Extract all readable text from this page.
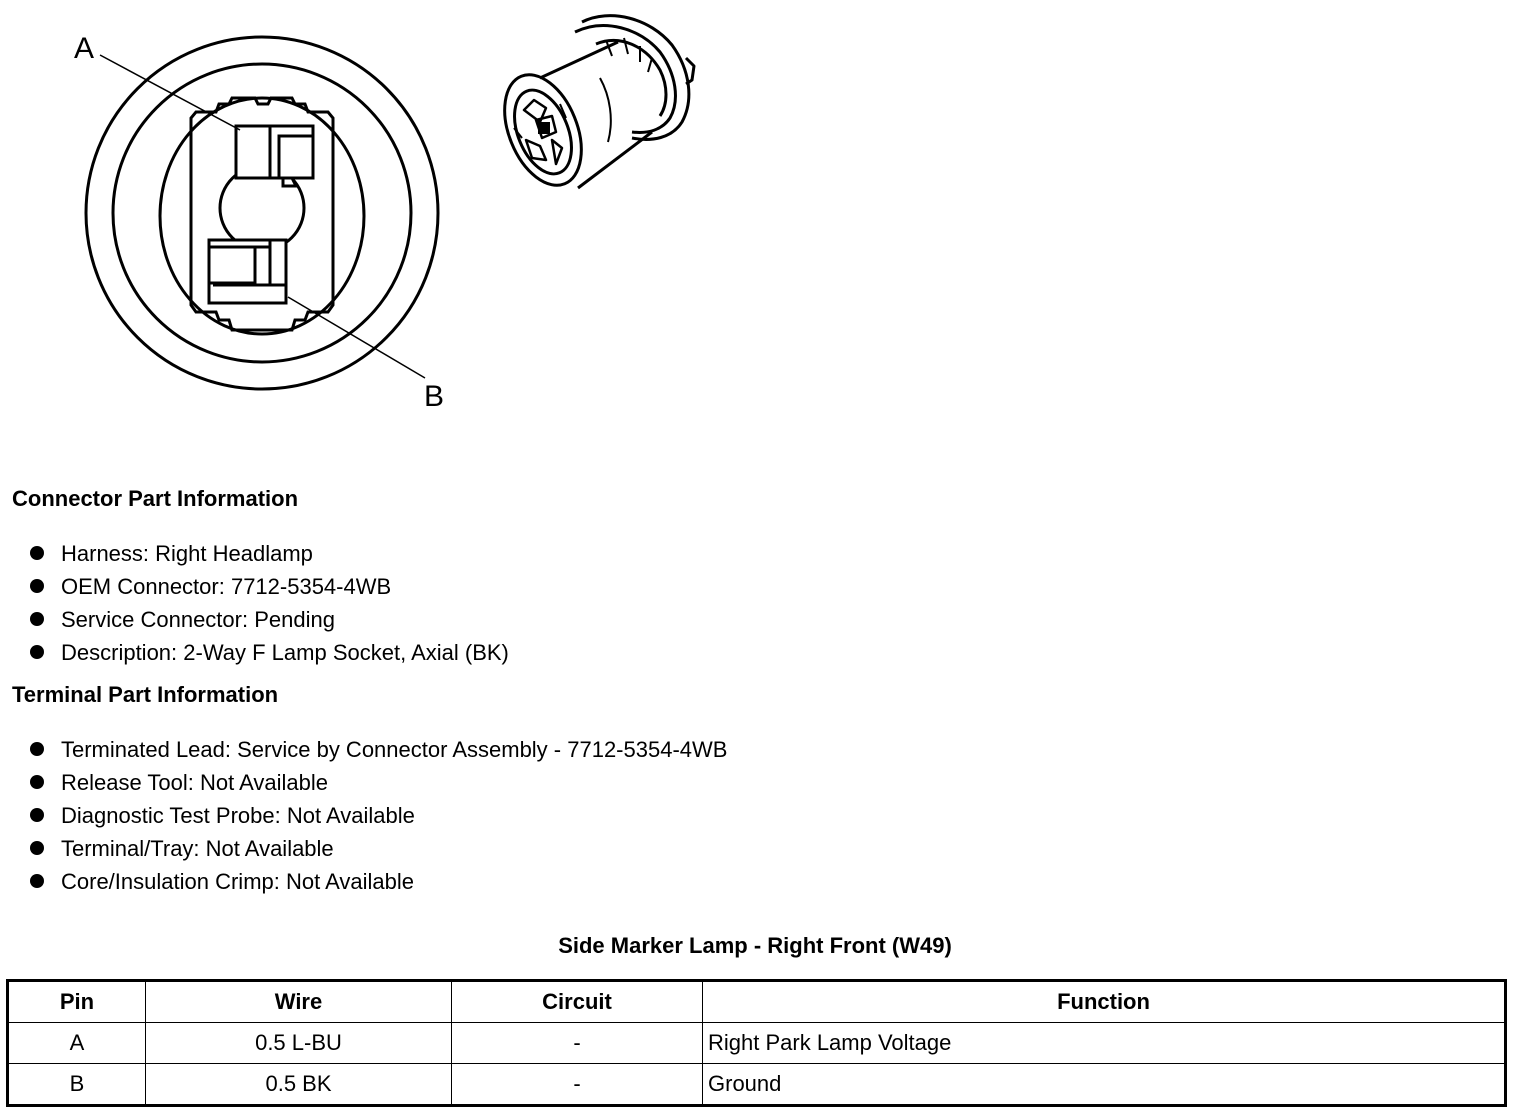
A
B
Connector Part Information
Harness: Right Headlamp
OEM Connector: 7712-5354-4WB
Service Connector: Pending
Description: 2-Way F Lamp Socket, Axial (BK)
Terminal Part Information
Terminated Lead: Service by Connector Assembly - 7712-5354-4WB
Release Tool: Not Available
Diagnostic Test Probe: Not Available
Terminal/Tray: Not Available
Core/Insulation Crimp: Not Available
Side Marker Lamp - Right Front (W49)
Pin	Wire	Circuit	Function
A	0.5 L-BU	-	Right Park Lamp Voltage
B	0.5 BK	-	Ground
